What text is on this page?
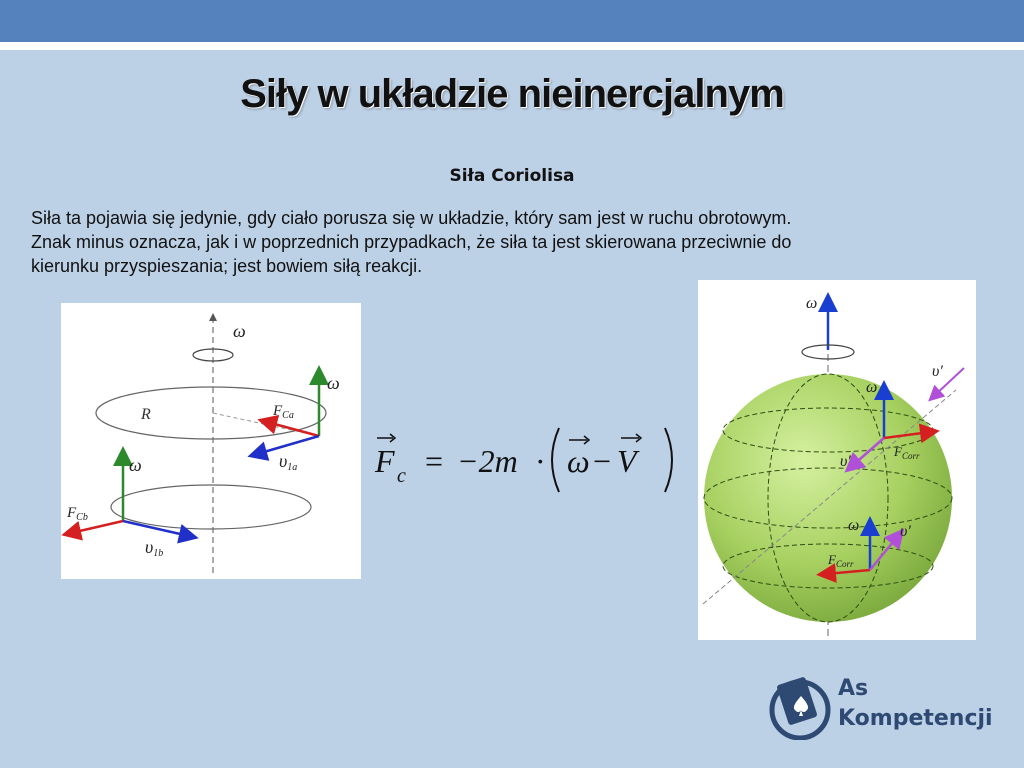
Siły w układzie nieinercjalnym
Siła Coriolisa
Siła ta pojawia się jedynie, gdy ciało porusza się w układzie, który sam jest w ruchu obrotowym.
Znak minus oznacza, jak i w poprzednich przypadkach, że siła ta jest skierowana przeciwnie do
kierunku przyspieszania; jest bowiem siłą reakcji.
ω
R
ω
$F_{Ca}$
υ1a
ω
$F_{Cb}$
υ1b
F c = −2m · ω − V
ω
υ′
ω
$F_{Corr}$
υ′
ω
$F_{Corr}$
υ′
As
Kompetencji
